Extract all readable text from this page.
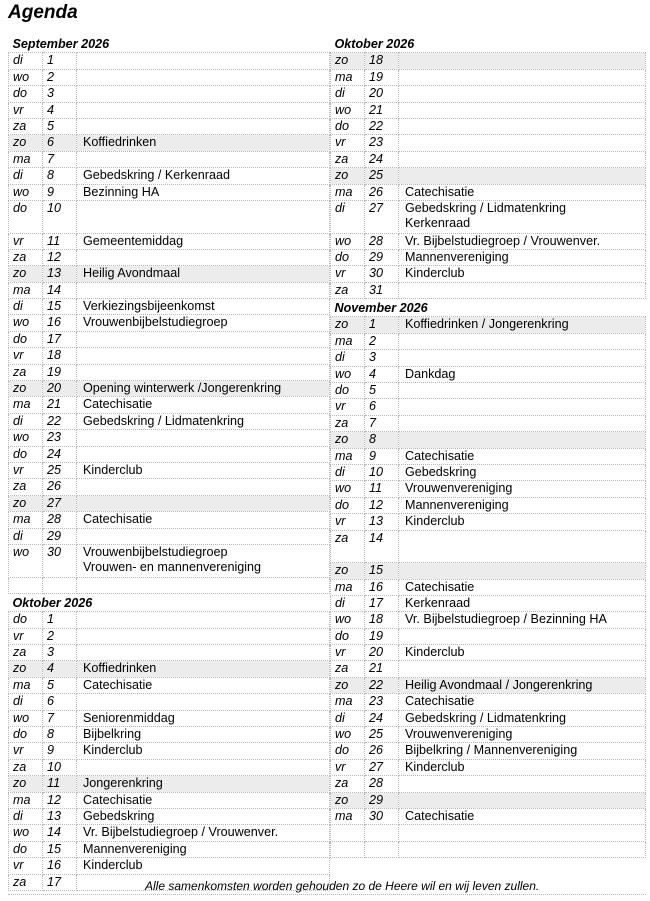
Agenda
September 2026		
di	1	

wo	2	

do	3	

vr	4	

za	5	

zo	6	Koffiedrinken

ma	7	

di	8	Gebedskring / Kerkenraad

wo	9	Bezinning HA

do	10	

vr	11	Gemeentemiddag

za	12	

zo	13	Heilig Avondmaal

ma	14	

di	15	Verkiezingsbijeenkomst

wo	16	Vrouwenbijbelstudiegroep

do	17	

vr	18	

za	19	

zo	20	Opening winterwerk /Jongerenkring

ma	21	Catechisatie

di	22	Gebedskring / Lidmatenkring

wo	23	

do	24	

vr	25	Kinderclub

za	26	

zo	27	

ma	28	Catechisatie

di	29	

wo	30	Vrouwenbijbelstudiegroep
Vrouwen- en mannenvereniging

Oktober 2026		
do	1	

vr	2	

za	3	

zo	4	Koffiedrinken

ma	5	Catechisatie

di	6	

wo	7	Seniorenmiddag

do	8	Bijbelkring

vr	9	Kinderclub

za	10	

zo	11	Jongerenkring

ma	12	Catechisatie

di	13	Gebedskring

wo	14	Vr. Bijbelstudiegroep / Vrouwenver.

do	15	Mannenvereniging

vr	16	Kinderclub

za	17	
Oktober 2026		
zo	18	

ma	19	

di	20	

wo	21	

do	22	

vr	23	

za	24	

zo	25	

ma	26	Catechisatie

di	27	Gebedskring / Lidmatenkring
Kerkenraad

wo	28	Vr. Bijbelstudiegroep / Vrouwenver.

do	29	Mannenvereniging

vr	30	Kinderclub

za	31	

November 2026		
zo	1	Koffiedrinken / Jongerenkring

ma	2	

di	3	

wo	4	Dankdag

do	5	

vr	6	

za	7	

zo	8	

ma	9	Catechisatie

di	10	Gebedskring

wo	11	Vrouwenvereniging

do	12	Mannenvereniging

vr	13	Kinderclub

za	14	

zo	15	

ma	16	Catechisatie

di	17	Kerkenraad

wo	18	Vr. Bijbelstudiegroep / Bezinning HA

do	19	

vr	20	Kinderclub

za	21	

zo	22	Heilig Avondmaal / Jongerenkring

ma	23	Catechisatie

di	24	Gebedskring / Lidmatenkring

wo	25	Vrouwenvereniging

do	26	Bijbelkring / Mannenvereniging

vr	27	Kinderclub

za	28	

zo	29	

ma	30	Catechisatie

Alle samenkomsten worden gehouden zo de Heere wil en wij leven zullen.
